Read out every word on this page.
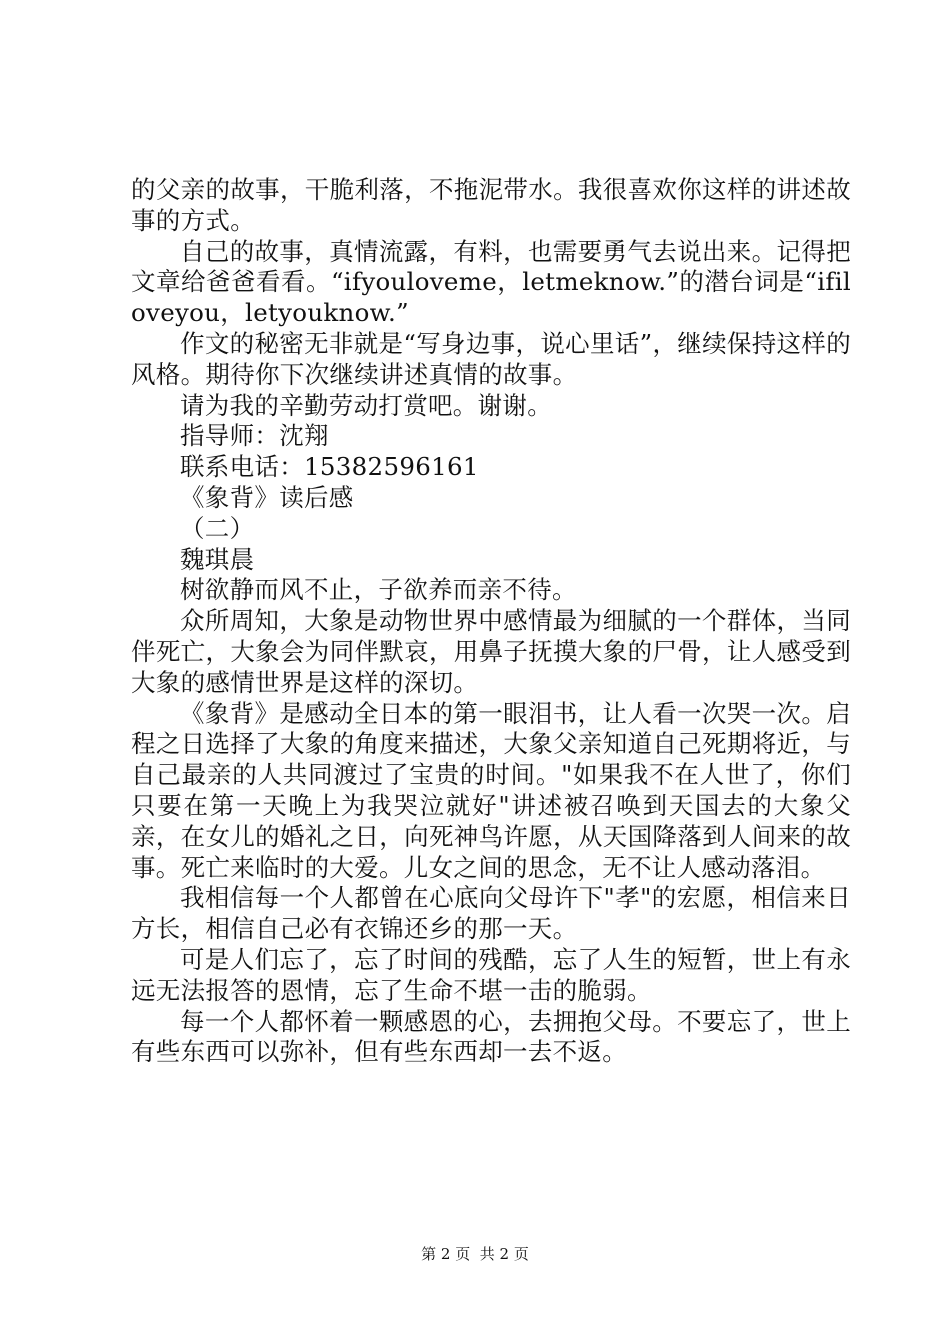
的父亲的故事，干脆利落，不拖泥带水。我很喜欢你这样的讲述故事的方式。

自己的故事，真情流露，有料，也需要勇气去说出来。记得把文章给爸爸看看。“ifyouloveme，letmeknow.”的潜台词是“ifiloveyou，letyouknow.”

作文的秘密无非就是“写身边事，说心里话”，继续保持这样的风格。期待你下次继续讲述真情的故事。

请为我的辛勤劳动打赏吧。谢谢。

指导师：沈翔

联系电话：15382596161

《象背》读后感

（二）

魏琪晨

树欲静而风不止，子欲养而亲不待。

众所周知，大象是动物世界中感情最为细腻的一个群体，当同伴死亡，大象会为同伴默哀，用鼻子抚摸大象的尸骨，让人感受到大象的感情世界是这样的深切。

《象背》是感动全日本的第一眼泪书，让人看一次哭一次。启程之日选择了大象的角度来描述，大象父亲知道自己死期将近，与自己最亲的人共同渡过了宝贵的时间。"如果我不在人世了，你们只要在第一天晚上为我哭泣就好"讲述被召唤到天国去的大象父亲，在女儿的婚礼之日，向死神鸟许愿，从天国降落到人间来的故事。死亡来临时的大爱。儿女之间的思念，无不让人感动落泪。

我相信每一个人都曾在心底向父母许下"孝"的宏愿，相信来日方长，相信自己必有衣锦还乡的那一天。

可是人们忘了，忘了时间的残酷，忘了人生的短暂，世上有永远无法报答的恩情，忘了生命不堪一击的脆弱。

每一个人都怀着一颗感恩的心，去拥抱父母。不要忘了，世上有些东西可以弥补，但有些东西却一去不返。

第 2 页  共 2 页
